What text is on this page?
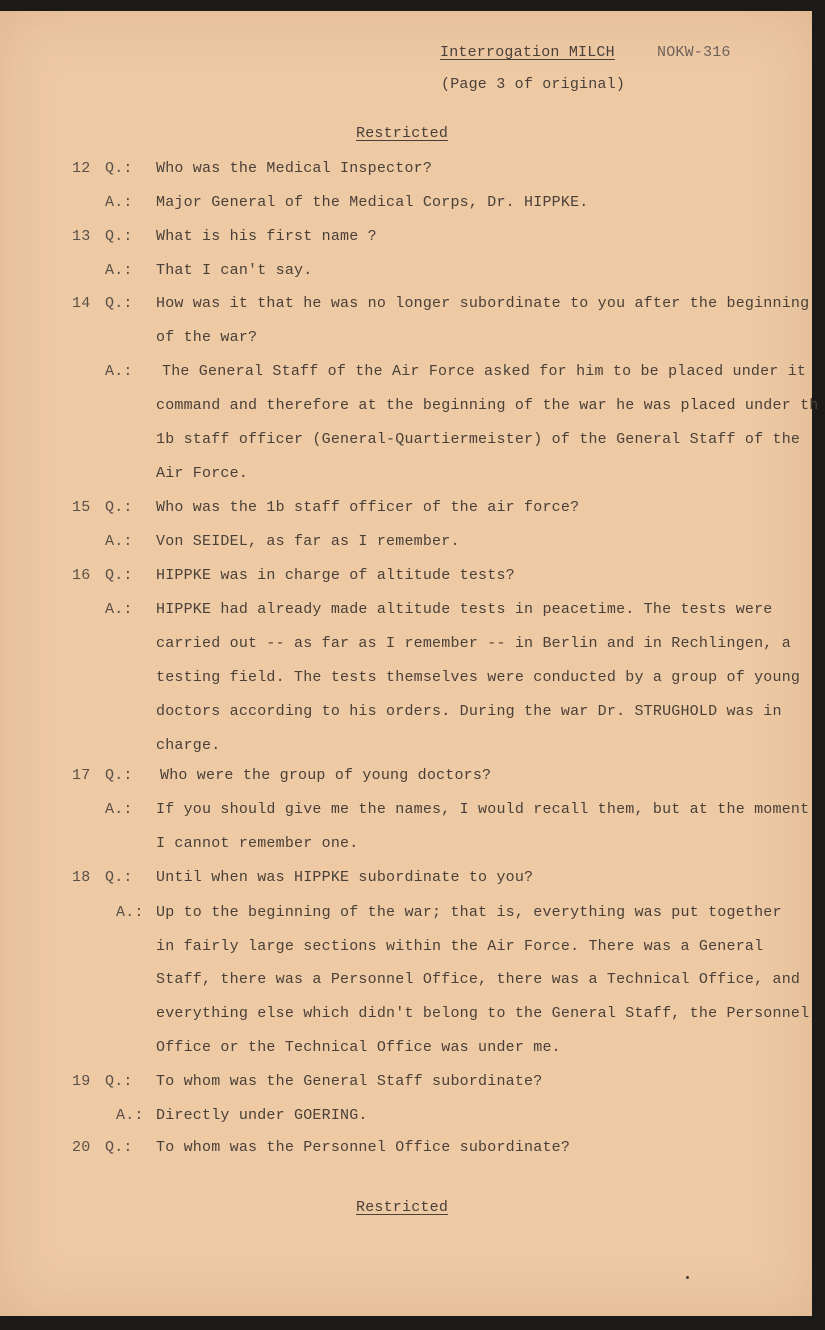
Interrogation MILCH	NOKW-316
(Page 3 of original)
Restricted
12 Q.: Who was the Medical Inspector?
A.: Major General of the Medical Corps, Dr. HIPPKE.
13 Q.: What is his first name ?
A.: That I can't say.
14 Q.: How was it that he was no longer subordinate to you after the beginning
of the war?
A.: The General Staff of the Air Force asked for him to be placed under it
command and therefore at the beginning of the war he was placed under th
1b staff officer (General-Quartiermeister) of the General Staff of the
Air Force.
15 Q.: Who was the 1b staff officer of the air force?
A.: Von SEIDEL, as far as I remember.
16 Q.: HIPPKE was in charge of altitude tests?
A.: HIPPKE had already made altitude tests in peacetime. The tests were
carried out -- as far as I remember -- in Berlin and in Rechlingen, a
testing field. The tests themselves were conducted by a group of young
doctors according to his orders. During the war Dr. STRUGHOLD was in
charge.
17 Q.: Who were the group of young doctors?
A.: If you should give me the names, I would recall them, but at the moment
I cannot remember one.
18 Q.: Until when was HIPPKE subordinate to you?
A.: Up to the beginning of the war; that is, everything was put together
in fairly large sections within the Air Force. There was a General
Staff, there was a Personnel Office, there was a Technical Office, and
everything else which didn't belong to the General Staff, the Personnel
Office or the Technical Office was under me.
19 Q.: To whom was the General Staff subordinate?
A.: Directly under GOERING.
20 Q.: To whom was the Personnel Office subordinate?
Restricted
